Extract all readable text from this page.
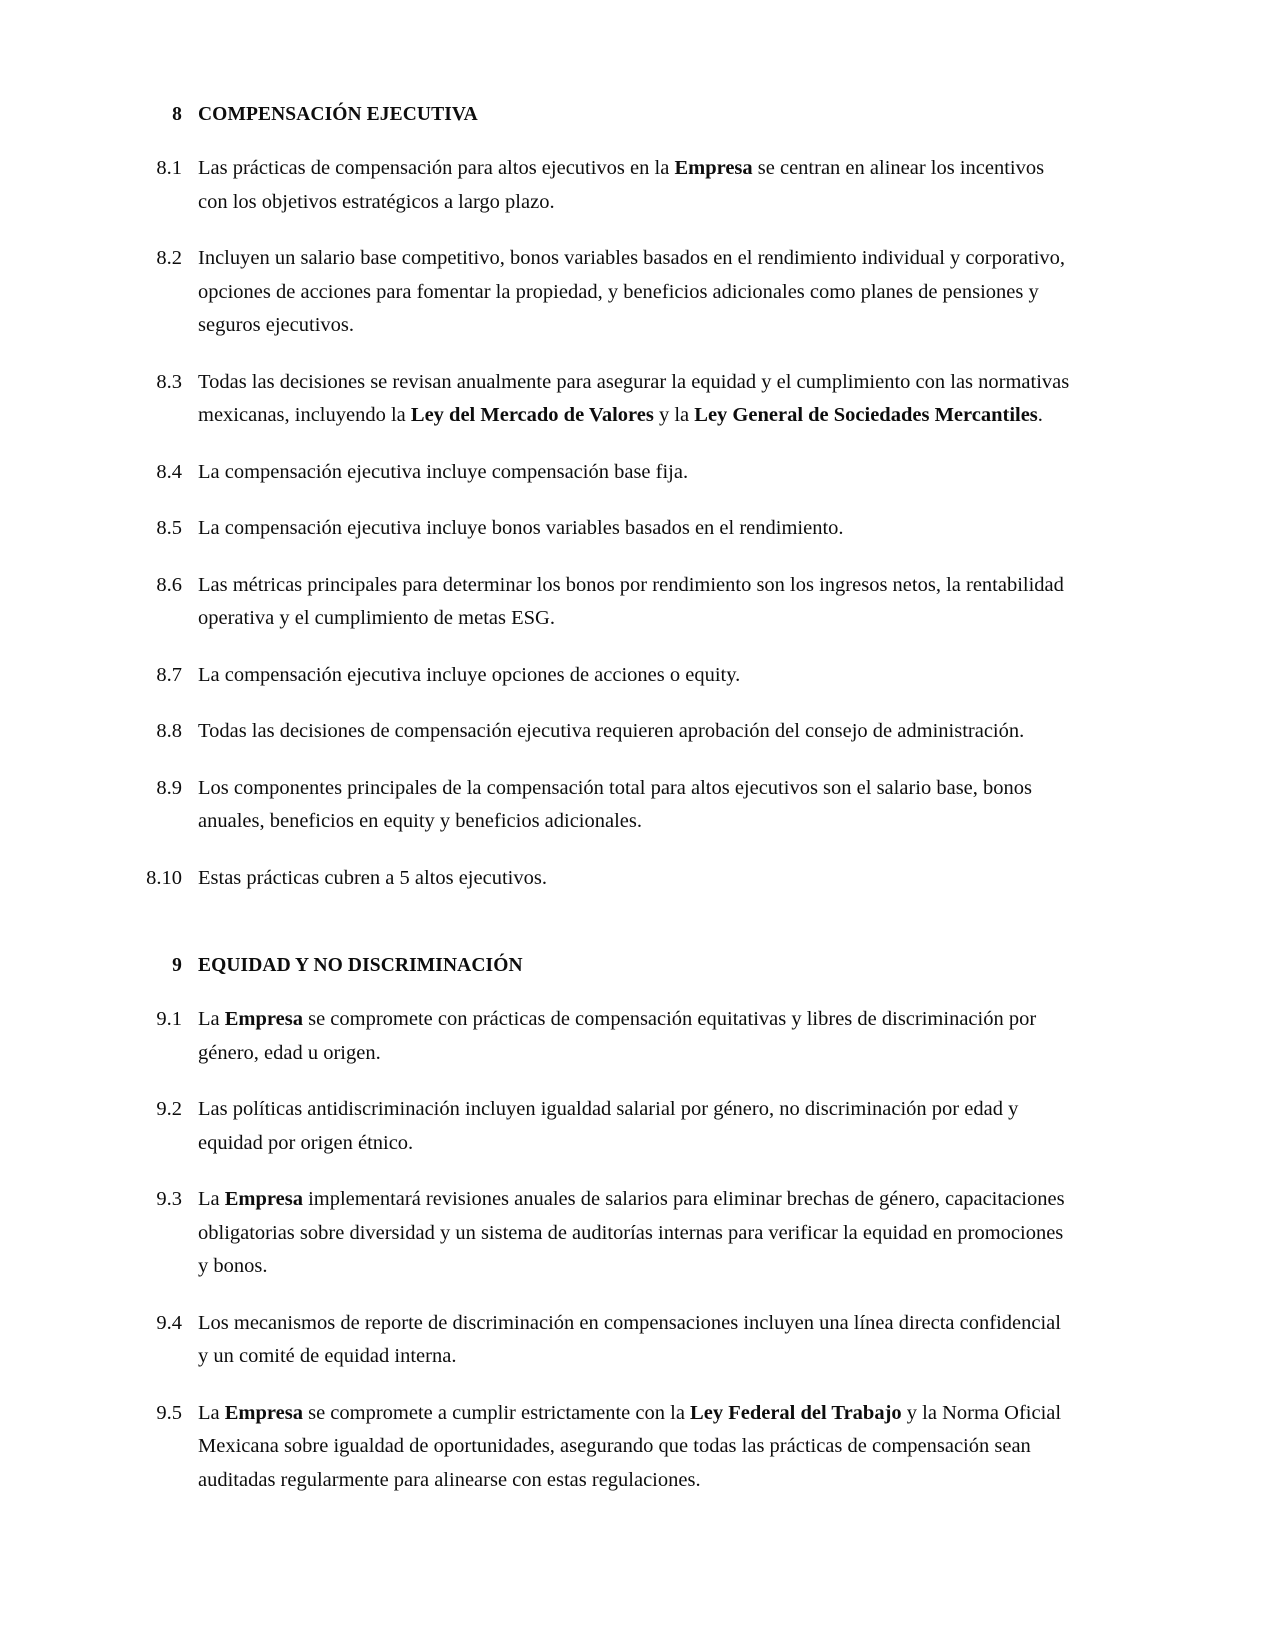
8 COMPENSACIÓN EJECUTIVA
8.1 Las prácticas de compensación para altos ejecutivos en la Empresa se centran en alinear los incentivos con los objetivos estratégicos a largo plazo.
8.2 Incluyen un salario base competitivo, bonos variables basados en el rendimiento individual y corporativo, opciones de acciones para fomentar la propiedad, y beneficios adicionales como planes de pensiones y seguros ejecutivos.
8.3 Todas las decisiones se revisan anualmente para asegurar la equidad y el cumplimiento con las normativas mexicanas, incluyendo la Ley del Mercado de Valores y la Ley General de Sociedades Mercantiles.
8.4 La compensación ejecutiva incluye compensación base fija.
8.5 La compensación ejecutiva incluye bonos variables basados en el rendimiento.
8.6 Las métricas principales para determinar los bonos por rendimiento son los ingresos netos, la rentabilidad operativa y el cumplimiento de metas ESG.
8.7 La compensación ejecutiva incluye opciones de acciones o equity.
8.8 Todas las decisiones de compensación ejecutiva requieren aprobación del consejo de administración.
8.9 Los componentes principales de la compensación total para altos ejecutivos son el salario base, bonos anuales, beneficios en equity y beneficios adicionales.
8.10 Estas prácticas cubren a 5 altos ejecutivos.
9 EQUIDAD Y NO DISCRIMINACIÓN
9.1 La Empresa se compromete con prácticas de compensación equitativas y libres de discriminación por género, edad u origen.
9.2 Las políticas antidiscriminación incluyen igualdad salarial por género, no discriminación por edad y equidad por origen étnico.
9.3 La Empresa implementará revisiones anuales de salarios para eliminar brechas de género, capacitaciones obligatorias sobre diversidad y un sistema de auditorías internas para verificar la equidad en promociones y bonos.
9.4 Los mecanismos de reporte de discriminación en compensaciones incluyen una línea directa confidencial y un comité de equidad interna.
9.5 La Empresa se compromete a cumplir estrictamente con la Ley Federal del Trabajo y la Norma Oficial Mexicana sobre igualdad de oportunidades, asegurando que todas las prácticas de compensación sean auditadas regularmente para alinearse con estas regulaciones.
